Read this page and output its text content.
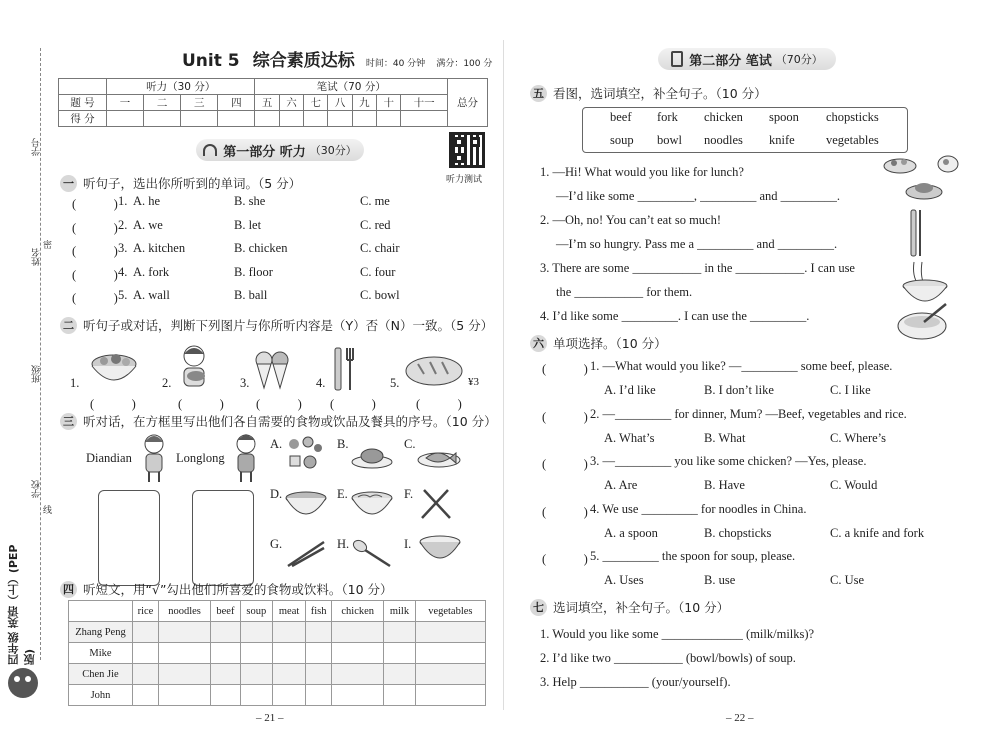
学号
姓名
密
班级
学校
线
四年级 英语（上）(PEP版)
Unit 5 综合素质达标 时间：40 分钟 满分：100 分
	听力（30 分）				笔试（70 分）							总分
题 号	一	二	三	四	五	六	七	八	九	十	十一	
得 分												
听力测试
第一部分 听力 （30分）
一 听句子，选出你所听到的单词。（5 分）
二 听句子或对话，判断下列图片与你所听内容是（Y）否（N）一致。（5 分）
1.	2.	3.	4.	5.	¥3
(　　　)	(　　　)	(　　　) (　　　)	(　　　)
三 听对话，在方框里写出他们各自需要的食物或饮品及餐具的序号。（10 分）
Diandian	Longlong
A.	B.	C.
D.	E.	F.
G.	H.	I.
四 听短文，用“√”勾出他们所喜爱的食物或饮料。（10 分）
	rice	noodles	beef	soup	meat	fish	chicken	milk	vegetables
Zhang Peng									
Mike									
Chen Jie									
John									
– 21 –
第二部分 笔试 （70分）
五 看图，选词填空，补全句子。（10 分）
六 单项选择。（10 分）
七 选词填空，补全句子。（10 分）
– 22 –
(　　　) 1. A. he	B. she	C. me
(　　　) 2. A. we	B. let	C. red
(　　　) 3. A. kitchen	B. chicken	C. chair
(　　　) 4. A. fork	B. floor	C. four
(　　　) 5. A. wall	B. ball	C. bowl
beef fork chicken spoon chopsticks
soup bowl noodles knife	vegetables
1. —Hi! What would you like for lunch?
—I’d like some _________, _________ and _________.
2. —Oh, no! You can’t eat so much!
—I’m so hungry. Pass me a _________ and _________.
3. There are some ___________ in the ___________. I can use
the ___________ for them.
4. I’d like some _________. I can use the _________.
(　　　) 1. —What would you like? —_________ some beef, please.
A. I’d like	B. I don’t like	C. I like
(　　　) 2. —_________ for dinner, Mum? —Beef, vegetables and rice.
A. What’s	B. What	C. Where’s
(　　　) 3. —_________ you like some chicken? —Yes, please.
A. Are	B. Have	C. Would
(　　　) 4. We use _________ for noodles in China.
A. a spoon	B. chopsticks	C. a knife and fork
(　　　) 5. _________ the spoon for soup, please.
A. Uses	B. use	C. Use
1. Would you like some _____________ (milk/milks)?
2. I’d like two ___________ (bowl/bowls) of soup.
3. Help ___________ (your/yourself).
